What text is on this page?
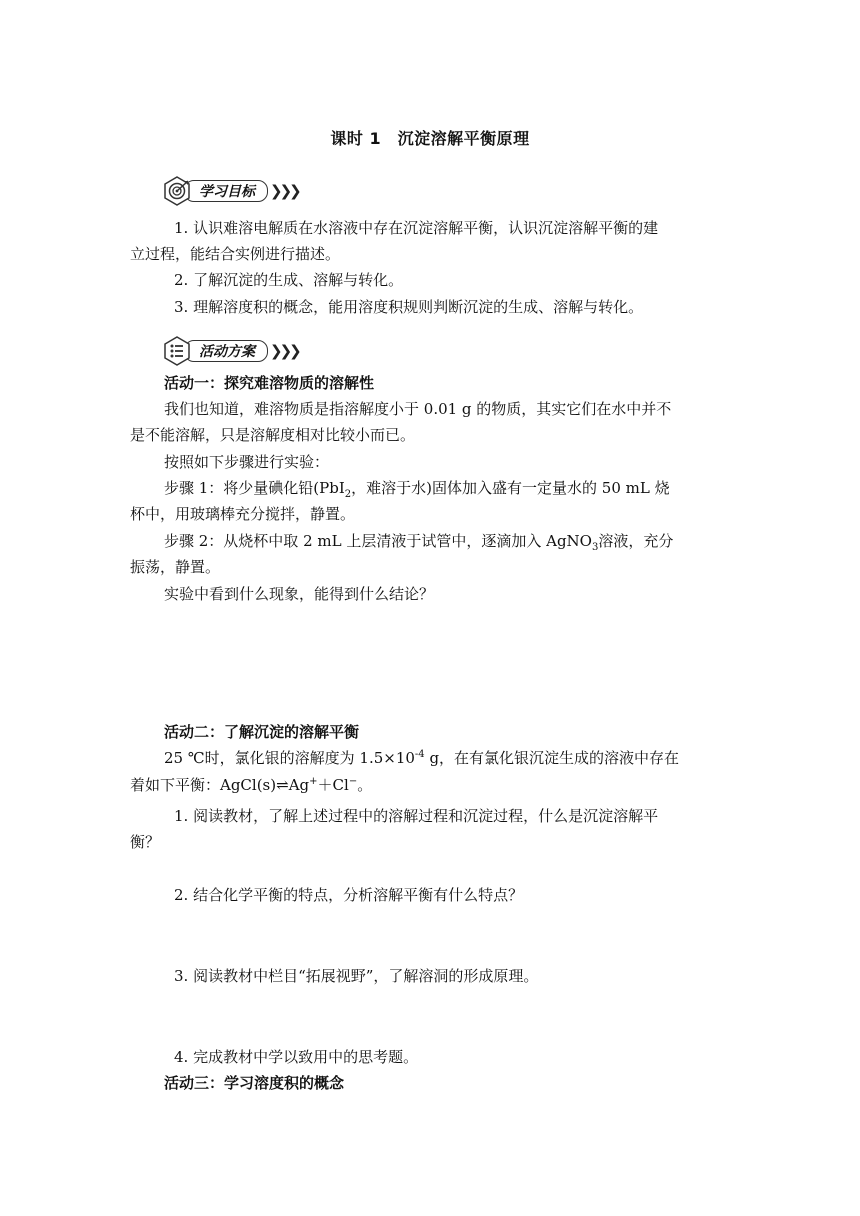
课时 1　沉淀溶解平衡原理
学习目标	❯❯❯
1. 认识难溶电解质在水溶液中存在沉淀溶解平衡，认识沉淀溶解平衡的建
立过程，能结合实例进行描述。
2. 了解沉淀的生成、溶解与转化。
3. 理解溶度积的概念，能用溶度积规则判断沉淀的生成、溶解与转化。
活动方案	❯❯❯
活动一：探究难溶物质的溶解性
我们也知道，难溶物质是指溶解度小于 0.01 g 的物质，其实它们在水中并不
是不能溶解，只是溶解度相对比较小而已。
按照如下步骤进行实验：
步骤 1：将少量碘化铅(PbI$_2$，难溶于水)固体加入盛有一定量水的 50 mL 烧
杯中，用玻璃棒充分搅拌，静置。
步骤 2：从烧杯中取 2 mL 上层清液于试管中，逐滴加入 AgNO$_3$溶液，充分
振荡，静置。
实验中看到什么现象，能得到什么结论？
活动二：了解沉淀的溶解平衡
25 ℃时，氯化银的溶解度为 $1.5\times 10^{-4}$ g，在有氯化银沉淀生成的溶液中存在
着如下平衡：AgCl(s)⇌Ag+＋Cl−。
1. 阅读教材，了解上述过程中的溶解过程和沉淀过程，什么是沉淀溶解平
衡？
2. 结合化学平衡的特点，分析溶解平衡有什么特点？
3. 阅读教材中栏目“拓展视野”，了解溶洞的形成原理。
4. 完成教材中学以致用中的思考题。
活动三：学习溶度积的概念
